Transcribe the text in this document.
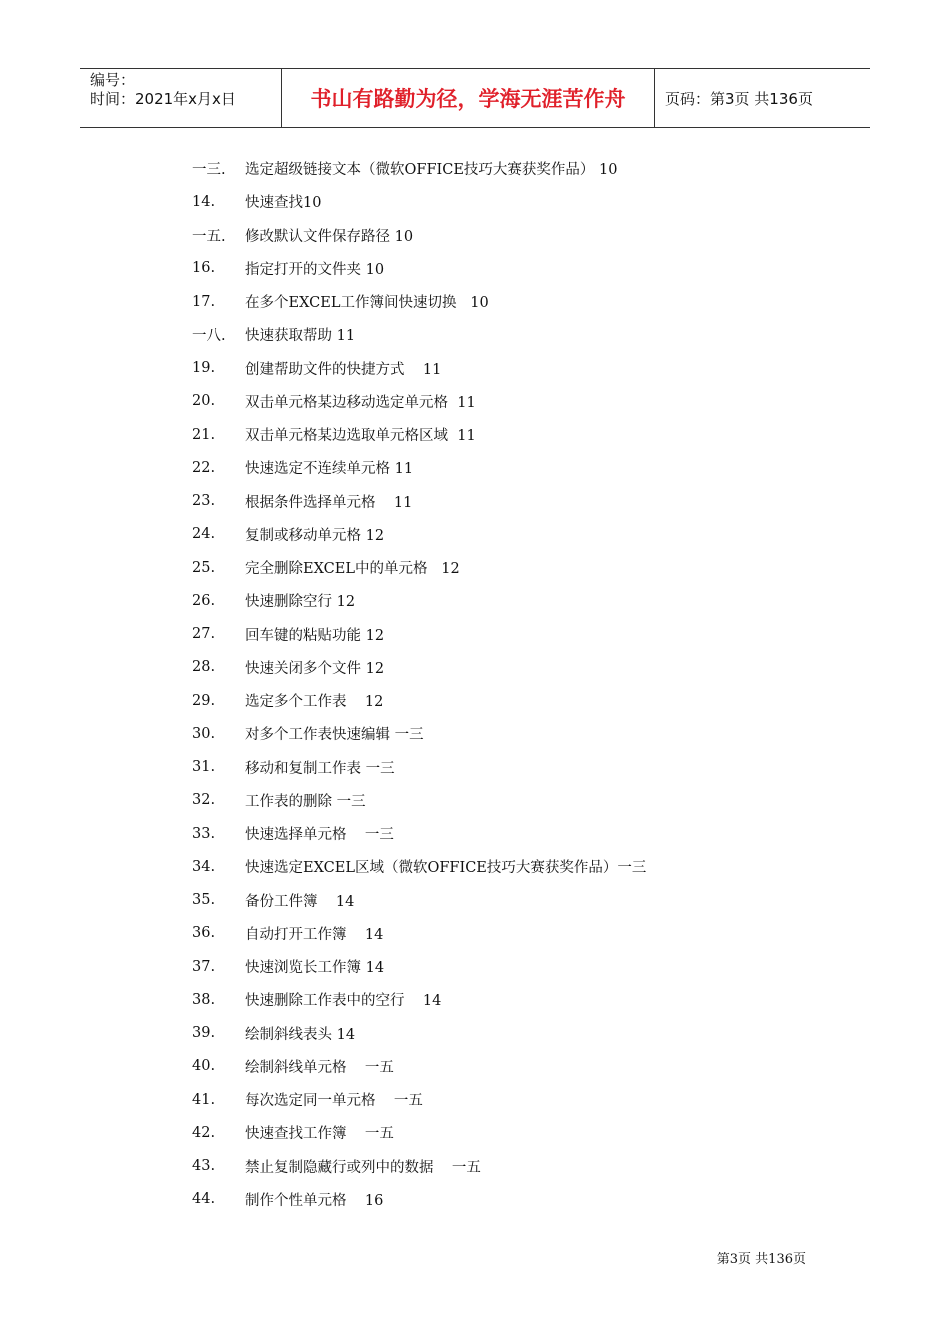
编号：
时间：2021年x月x日	书山有路勤为径，学海无涯苦作舟	页码：第3页 共136页
一三.	选定超级链接文本（微软OFFICE技巧大赛获奖作品） 10
14.	快速查找10
一五.	修改默认文件保存路径 10
16.	指定打开的文件夹 10
17.	在多个EXCEL工作簿间快速切换   10
一八.	快速获取帮助 11
19.	创建帮助文件的快捷方式    11
20.	双击单元格某边移动选定单元格  11
21.	双击单元格某边选取单元格区域  11
22.	快速选定不连续单元格 11
23.	根据条件选择单元格    11
24.	复制或移动单元格 12
25.	完全删除EXCEL中的单元格   12
26.	快速删除空行 12
27.	回车键的粘贴功能 12
28.	快速关闭多个文件 12
29.	选定多个工作表    12
30.	对多个工作表快速编辑 一三
31.	移动和复制工作表 一三
32.	工作表的删除 一三
33.	快速选择单元格    一三
34.	快速选定EXCEL区域（微软OFFICE技巧大赛获奖作品）一三
35.	备份工件簿    14
36.	自动打开工作簿    14
37.	快速浏览长工作簿 14
38.	快速删除工作表中的空行    14
39.	绘制斜线表头 14
40.	绘制斜线单元格    一五
41.	每次选定同一单元格    一五
42.	快速查找工作簿    一五
43.	禁止复制隐藏行或列中的数据    一五
44.	制作个性单元格    16
第3页 共136页
